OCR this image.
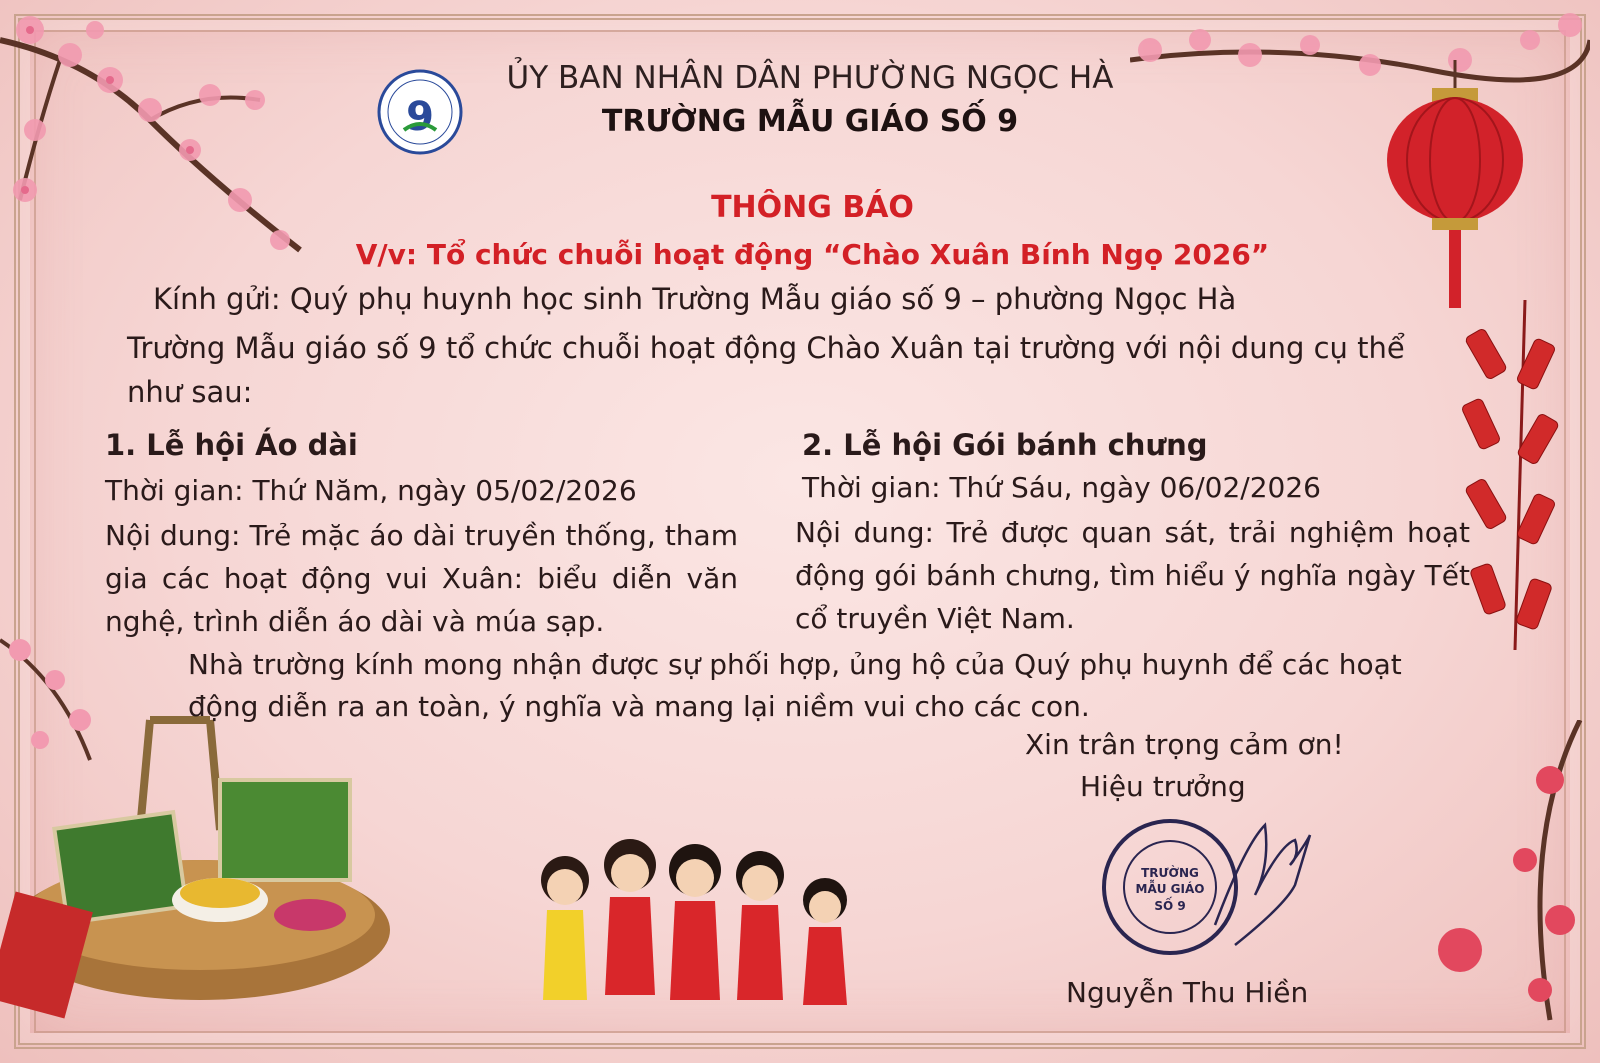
9
ỦY BAN NHÂN DÂN PHƯỜNG NGỌC HÀ
TRƯỜNG MẪU GIÁO SỐ 9
THÔNG BÁO
V/v: Tổ chức chuỗi hoạt động “Chào Xuân Bính Ngọ 2026”
Kính gửi: Quý phụ huynh học sinh Trường Mẫu giáo số 9 – phường Ngọc Hà
Trường Mẫu giáo số 9 tổ chức chuỗi hoạt động Chào Xuân tại trường với nội dung cụ thể như sau:
1. Lễ hội Áo dài
Thời gian: Thứ Năm, ngày 05/02/2026
Nội dung: Trẻ mặc áo dài truyền thống, tham gia các hoạt động vui Xuân: biểu diễn văn nghệ, trình diễn áo dài và múa sạp.
2. Lễ hội Gói bánh chưng
Thời gian: Thứ Sáu, ngày 06/02/2026
Nội dung: Trẻ được quan sát, trải nghiệm hoạt động gói bánh chưng, tìm hiểu ý nghĩa ngày Tết cổ truyền Việt Nam.
Nhà trường kính mong nhận được sự phối hợp, ủng hộ của Quý phụ huynh để các hoạt động diễn ra an toàn, ý nghĩa và mang lại niềm vui cho các con.
Xin trân trọng cảm ơn!
Hiệu trưởng
TRƯỜNG
MẪU GIÁO
SỐ 9
Nguyễn Thu Hiền
